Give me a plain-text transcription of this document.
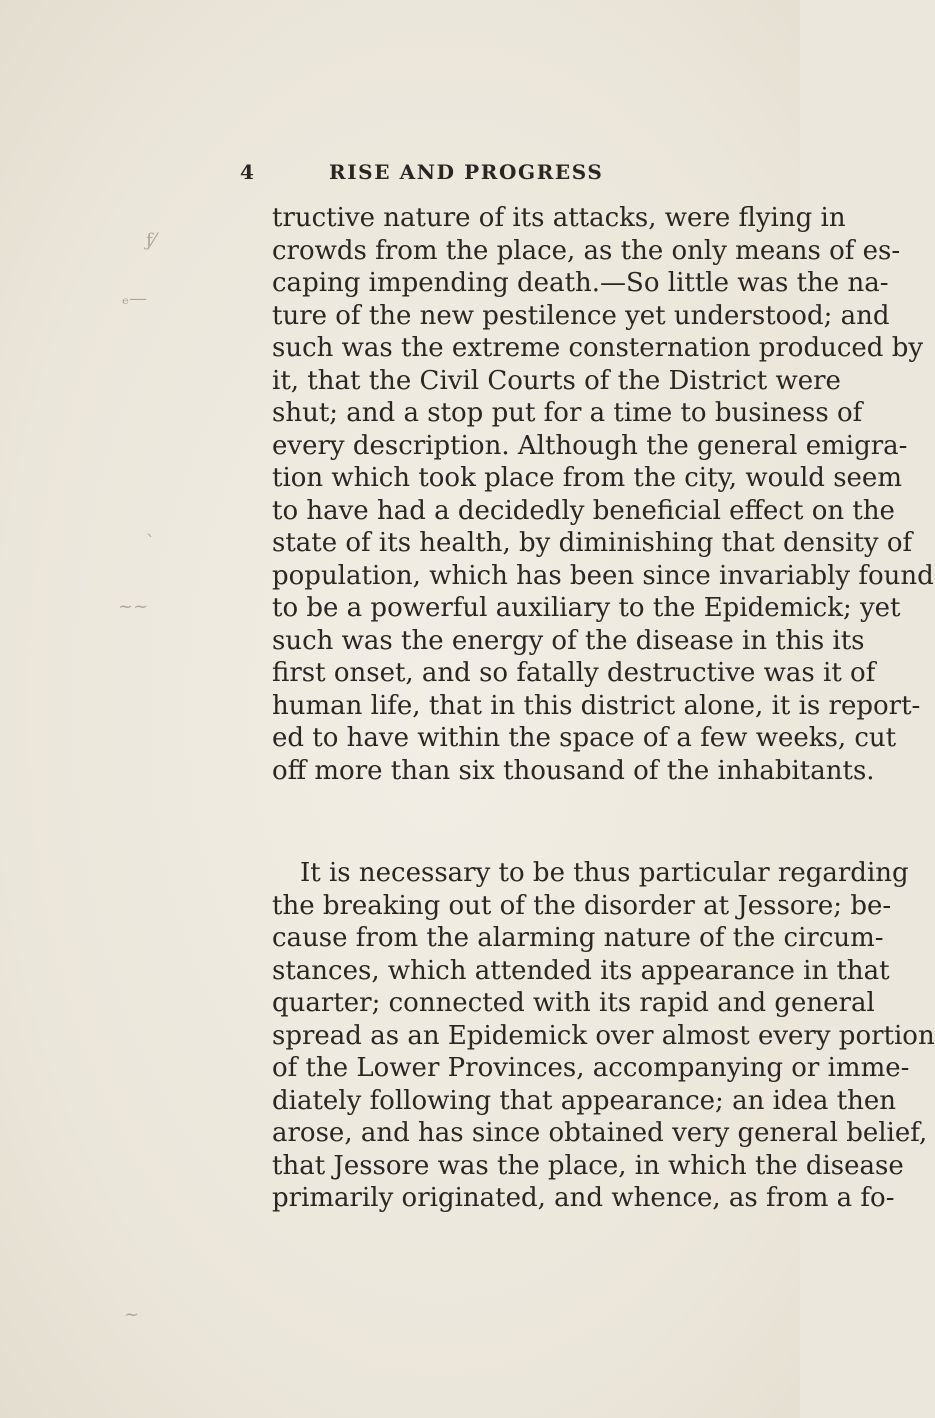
ƒ⁄
ₑ—
ˋ
~~
~
4	RISE AND PROGRESS
tructive nature of its attacks, were flying in
crowds from the place, as the only means of es-
caping impending death.—So little was the na-
ture of the new pestilence yet understood; and
such was the extreme consternation produced by
it, that the Civil Courts of the District were
shut; and a stop put for a time to business of
every description. Although the general emigra-
tion which took place from the city, would seem
to have had a decidedly beneficial effect on the
state of its health, by diminishing that density of
population, which has been since invariably found
to be a powerful auxiliary to the Epidemick; yet
such was the energy of the disease in this its
first onset, and so fatally destructive was it of
human life, that in this district alone, it is report-
ed to have within the space of a few weeks, cut
off more than six thousand of the inhabitants.
It is necessary to be thus particular regarding
the breaking out of the disorder at Jessore; be-
cause from the alarming nature of the circum-
stances, which attended its appearance in that
quarter; connected with its rapid and general
spread as an Epidemick over almost every portion
of the Lower Provinces, accompanying or imme-
diately following that appearance; an idea then
arose, and has since obtained very general belief,
that Jessore was the place, in which the disease
primarily originated, and whence, as from a fo-
